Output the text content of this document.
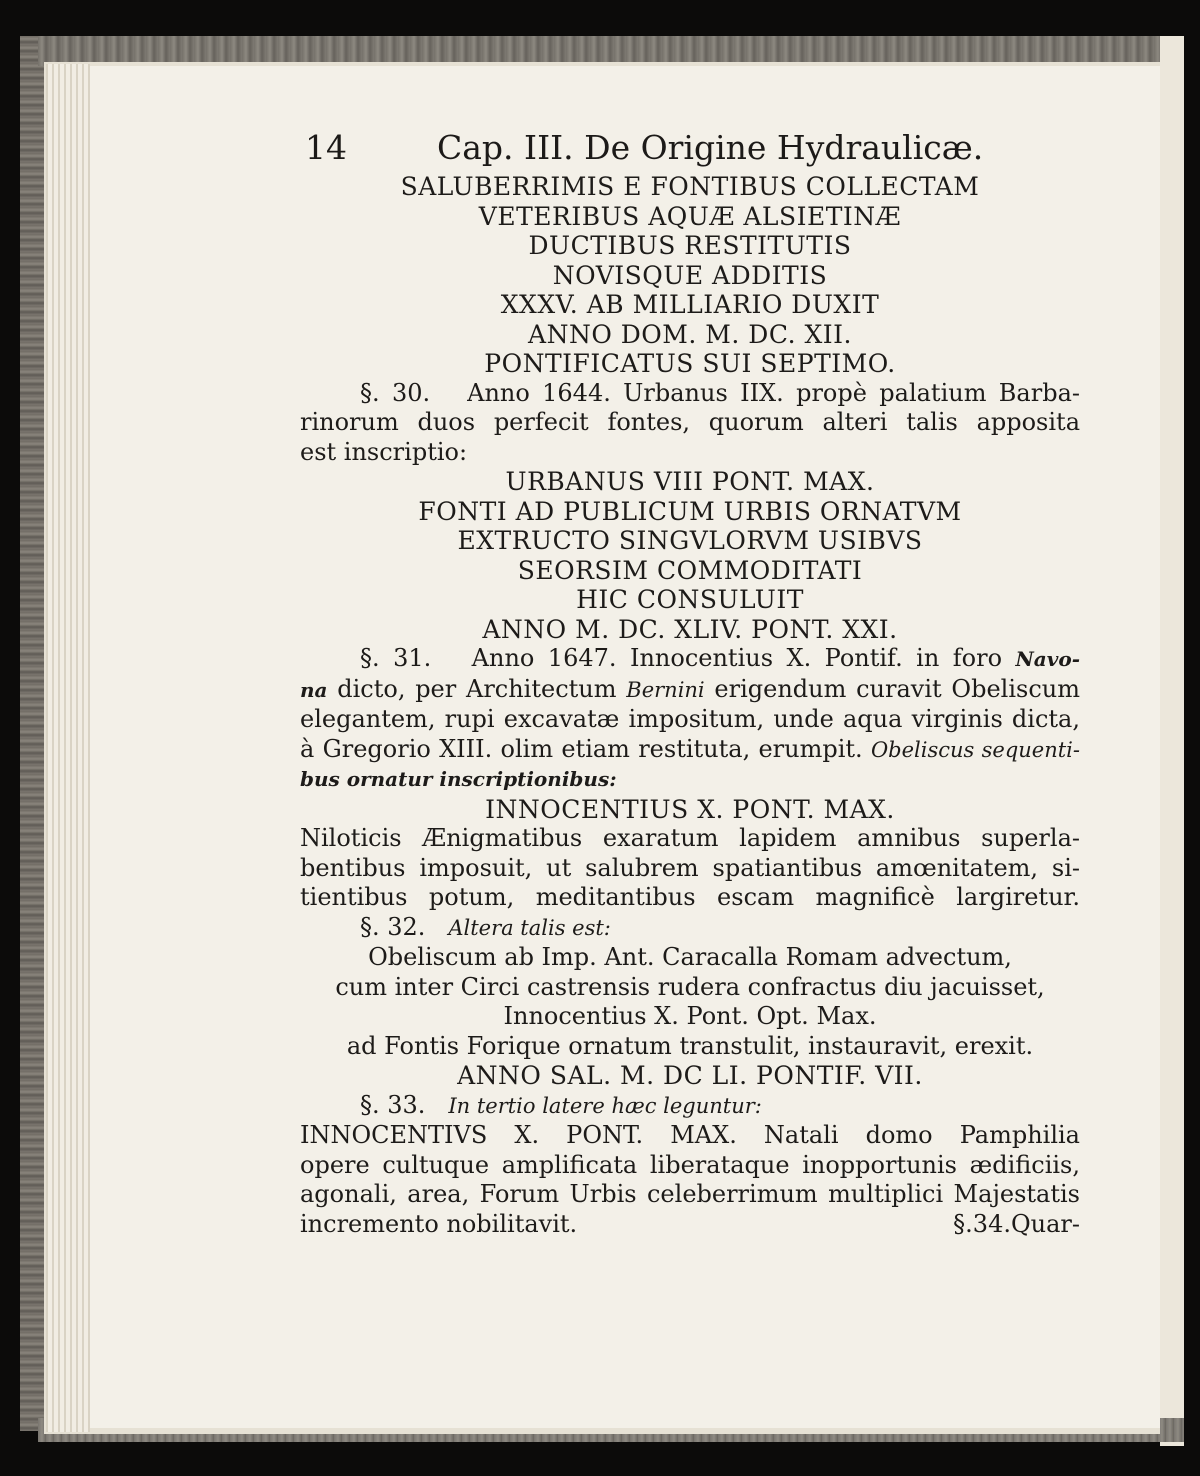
14	Cap. III. De Origine Hydraulicæ.
SALUBERRIMIS E FONTIBUS COLLECTAM
VETERIBUS AQUÆ ALSIETINÆ
DUCTIBUS RESTITUTIS
NOVISQUE ADDITIS
XXXV. AB MILLIARIO DUXIT
ANNO DOM. M. DC. XII.
PONTIFICATUS SUI SEPTIMO.
§. 30. Anno 1644. Urbanus IIX. propè palatium Barba-
rinorum duos perfecit fontes, quorum alteri talis apposita
est inscriptio:
URBANUS VIII PONT. MAX.
FONTI AD PUBLICUM URBIS ORNATVM
EXTRUCTO SINGVLORVM USIBVS
SEORSIM COMMODITATI
HIC CONSULUIT
ANNO M. DC. XLIV. PONT. XXI.
§. 31. Anno 1647. Innocentius X. Pontif. in foro Navo-
na dicto, per Architectum Bernini erigendum curavit Obeliscum
elegantem, rupi excavatæ impositum, unde aqua virginis dicta,
à Gregorio XIII. olim etiam restituta, erumpit. Obeliscus sequenti-
bus ornatur inscriptionibus:
INNOCENTIUS X. PONT. MAX.
Niloticis Ænigmatibus exaratum lapidem amnibus superla-
bentibus imposuit, ut salubrem spatiantibus amœnitatem, si-
tientibus potum, meditantibus escam magnificè largiretur.
§. 32. Altera talis est:
Obeliscum ab Imp. Ant. Caracalla Romam advectum,
cum inter Circi castrensis rudera confractus diu jacuisset,
Innocentius X. Pont. Opt. Max.
ad Fontis Forique ornatum transtulit, instauravit, erexit.
ANNO SAL. M. DC LI. PONTIF. VII.
§. 33. In tertio latere hæc leguntur:
INNOCENTIVS X. PONT. MAX. Natali domo Pamphilia
opere cultuque amplificata liberataque inopportunis ædificiis,
agonali, area, Forum Urbis celeberrimum multiplici Majestatis
incremento nobilitavit.	§.34.Quar-
